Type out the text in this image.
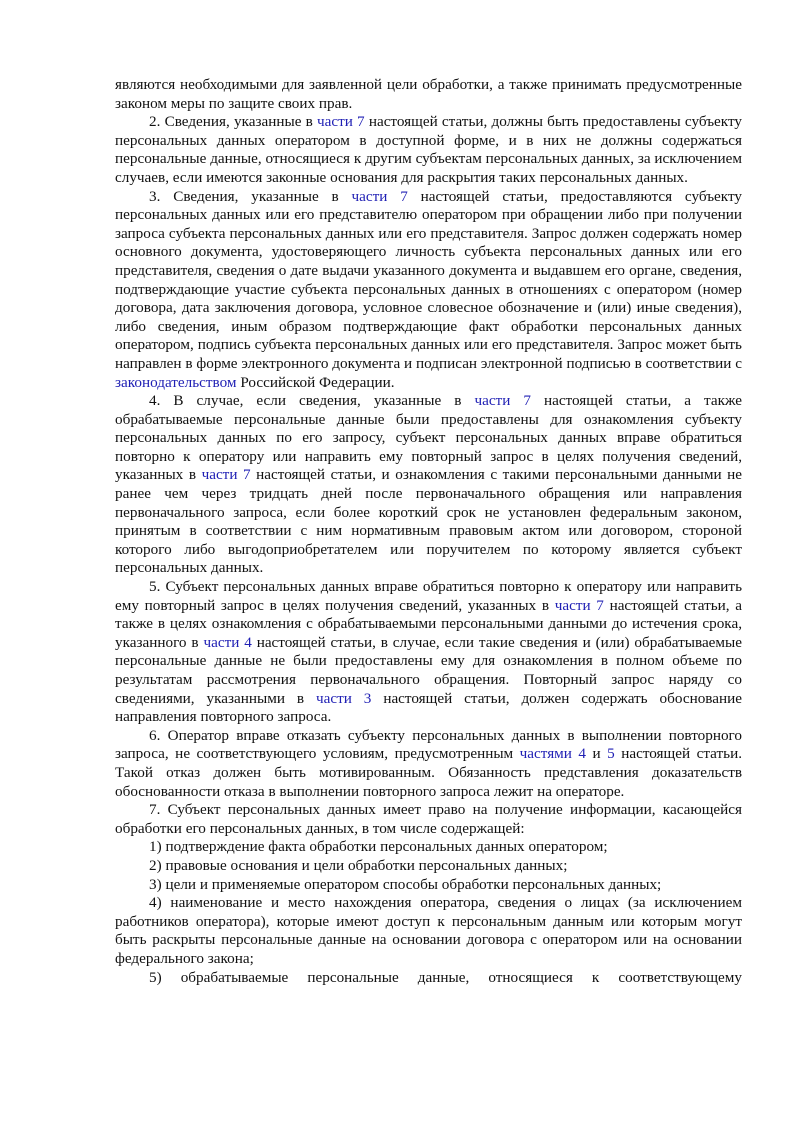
являются необходимыми для заявленной цели обработки, а также принимать предусмотренные законом меры по защите своих прав.

2. Сведения, указанные в части 7 настоящей статьи, должны быть предоставлены субъекту персональных данных оператором в доступной форме, и в них не должны содержаться персональные данные, относящиеся к другим субъектам персональных данных, за исключением случаев, если имеются законные основания для раскрытия таких персональных данных.

3. Сведения, указанные в части 7 настоящей статьи, предоставляются субъекту персональных данных или его представителю оператором при обращении либо при получении запроса субъекта персональных данных или его представителя. Запрос должен содержать номер основного документа, удостоверяющего личность субъекта персональных данных или его представителя, сведения о дате выдачи указанного документа и выдавшем его органе, сведения, подтверждающие участие субъекта персональных данных в отношениях с оператором (номер договора, дата заключения договора, условное словесное обозначение и (или) иные сведения), либо сведения, иным образом подтверждающие факт обработки персональных данных оператором, подпись субъекта персональных данных или его представителя. Запрос может быть направлен в форме электронного документа и подписан электронной подписью в соответствии с законодательством Российской Федерации.

4. В случае, если сведения, указанные в части 7 настоящей статьи, а также обрабатываемые персональные данные были предоставлены для ознакомления субъекту персональных данных по его запросу, субъект персональных данных вправе обратиться повторно к оператору или направить ему повторный запрос в целях получения сведений, указанных в части 7 настоящей статьи, и ознакомления с такими персональными данными не ранее чем через тридцать дней после первоначального обращения или направления первоначального запроса, если более короткий срок не установлен федеральным законом, принятым в соответствии с ним нормативным правовым актом или договором, стороной которого либо выгодоприобретателем или поручителем по которому является субъект персональных данных.

5. Субъект персональных данных вправе обратиться повторно к оператору или направить ему повторный запрос в целях получения сведений, указанных в части 7 настоящей статьи, а также в целях ознакомления с обрабатываемыми персональными данными до истечения срока, указанного в части 4 настоящей статьи, в случае, если такие сведения и (или) обрабатываемые персональные данные не были предоставлены ему для ознакомления в полном объеме по результатам рассмотрения первоначального обращения. Повторный запрос наряду со сведениями, указанными в части 3 настоящей статьи, должен содержать обоснование направления повторного запроса.

6. Оператор вправе отказать субъекту персональных данных в выполнении повторного запроса, не соответствующего условиям, предусмотренным частями 4 и 5 настоящей статьи. Такой отказ должен быть мотивированным. Обязанность представления доказательств обоснованности отказа в выполнении повторного запроса лежит на операторе.

7. Субъект персональных данных имеет право на получение информации, касающейся обработки его персональных данных, в том числе содержащей:

1) подтверждение факта обработки персональных данных оператором;

2) правовые основания и цели обработки персональных данных;

3) цели и применяемые оператором способы обработки персональных данных;

4) наименование и место нахождения оператора, сведения о лицах (за исключением работников оператора), которые имеют доступ к персональным данным или которым могут быть раскрыты персональные данные на основании договора с оператором или на основании федерального закона;

5) обрабатываемые персональные данные, относящиеся к соответствующему
